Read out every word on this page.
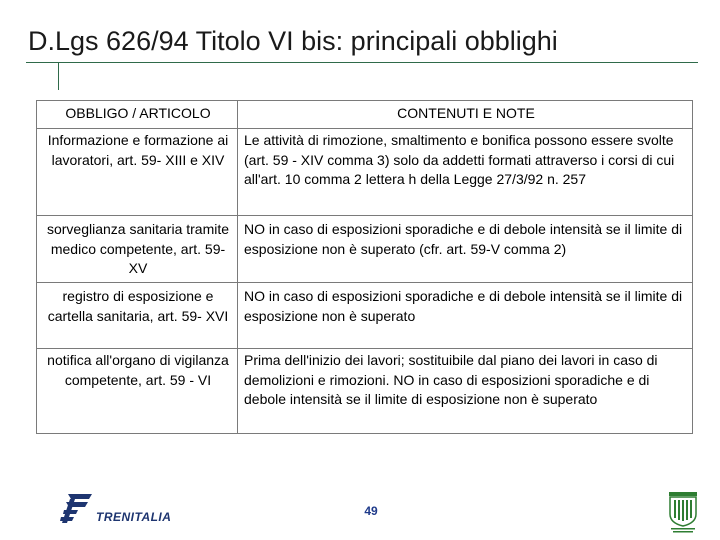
D.Lgs 626/94 Titolo VI bis: principali obblighi
OBBLIGO / ARTICOLO	CONTENUTI E NOTE
Informazione e formazione ai lavoratori, art. 59- XIII e XIV	Le attività di rimozione, smaltimento e bonifica possono essere svolte (art. 59 - XIV comma 3) solo da addetti formati attraverso i corsi di cui all'art. 10 comma 2 lettera h della Legge 27/3/92 n. 257
sorveglianza sanitaria tramite medico competente, art. 59- XV	NO in caso di esposizioni sporadiche e di debole intensità se il limite di esposizione non è superato (cfr. art. 59-V comma 2)
registro di esposizione e cartella sanitaria, art. 59- XVI	NO in caso di esposizioni sporadiche e di debole intensità se il limite di esposizione non è superato
notifica all'organo di vigilanza competente, art. 59 - VI	Prima dell'inizio dei lavori; sostituibile dal piano dei lavori in caso di demolizioni e rimozioni. NO in caso di esposizioni sporadiche e di debole intensità se il limite di esposizione non è superato
TRENITALIA	49
